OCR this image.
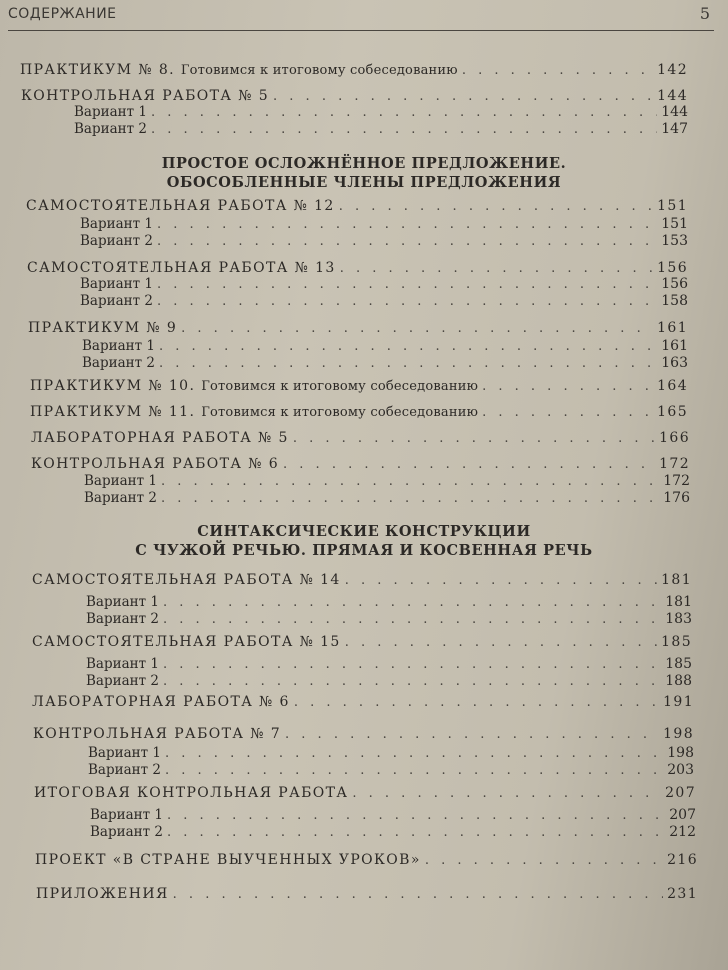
СОДЕРЖАНИЕ	5
ПРАКТИКУМ № 8. Готовимся к итоговому собеседованию . . .	142
КОНТРОЛЬНАЯ РАБОТА № 5 . . .	144
Вариант 1 . . .	144
Вариант 2 . . .	147
ПРОСТОЕ ОСЛОЖНЁННОЕ ПРЕДЛОЖЕНИЕ.
ОБОСОБЛЕННЫЕ ЧЛЕНЫ ПРЕДЛОЖЕНИЯ
САМОСТОЯТЕЛЬНАЯ РАБОТА № 12 . . .	151
Вариант 1 . . .	151
Вариант 2 . . .	153
САМОСТОЯТЕЛЬНАЯ РАБОТА № 13 . . .	156
Вариант 1 . . .	156
Вариант 2 . . .	158
ПРАКТИКУМ № 9 . . .	161
Вариант 1 . . .	161
Вариант 2 . . .	163
ПРАКТИКУМ № 10. Готовимся к итоговому собеседованию . . .	164
ПРАКТИКУМ № 11. Готовимся к итоговому собеседованию . . .	165
ЛАБОРАТОРНАЯ РАБОТА № 5 . . .	166
КОНТРОЛЬНАЯ РАБОТА № 6 . . .	172
Вариант 1 . . .	172
Вариант 2 . . .	176
СИНТАКСИЧЕСКИЕ КОНСТРУКЦИИ
С ЧУЖОЙ РЕЧЬЮ. ПРЯМАЯ И КОСВЕННАЯ РЕЧЬ
САМОСТОЯТЕЛЬНАЯ РАБОТА № 14 . . .	181
Вариант 1 . . .	181
Вариант 2 . . .	183
САМОСТОЯТЕЛЬНАЯ РАБОТА № 15 . . .	185
Вариант 1 . . .	185
Вариант 2 . . .	188
ЛАБОРАТОРНАЯ РАБОТА № 6 . . .	191
КОНТРОЛЬНАЯ РАБОТА № 7 . . .	198
Вариант 1 . . .	198
Вариант 2 . . .	203
ИТОГОВАЯ КОНТРОЛЬНАЯ РАБОТА . . .	207
Вариант 1 . . .	207
Вариант 2 . . .	212
ПРОЕКТ «В СТРАНЕ ВЫУЧЕННЫХ УРОКОВ» . . .	216
ПРИЛОЖЕНИЯ . . .	231
